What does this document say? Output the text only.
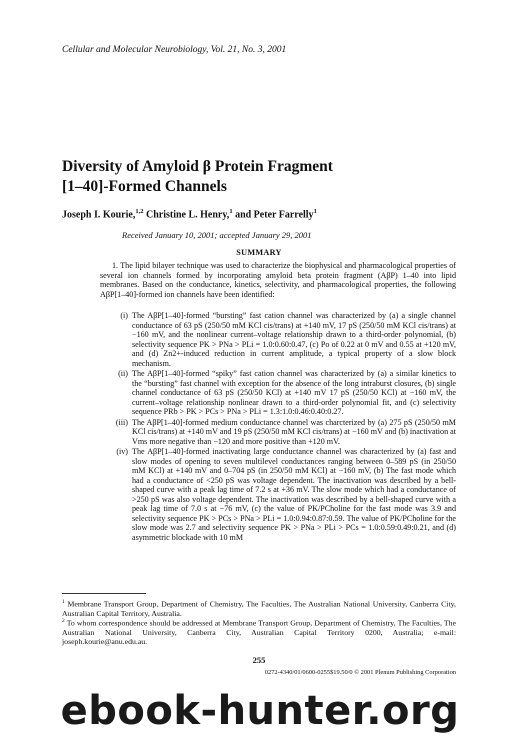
Cellular and Molecular Neurobiology, Vol. 21, No. 3, 2001
Diversity of Amyloid β Protein Fragment
[1–40]-Formed Channels
Joseph I. Kourie,$^{1,2}$ Christine L. Henry,$^1$ and Peter Farrelly$^1$
Received January 10, 2001; accepted January 29, 2001
SUMMARY

1. The lipid bilayer technique was used to characterize the biophysical and pharmacological properties of several ion channels formed by incorporating amyloid beta protein fragment (AβP) 1–40 into lipid membranes. Based on the conductance, kinetics, selectivity, and pharmacological properties, the following AβP[1–40]-formed ion channels have been identified:

(i) The AβP[1–40]-formed “bursting” fast cation channel was characterized by (a) a single channel conductance of 63 pS (250/50 mM KCl cis/trans) at +140 mV, 17 pS (250/50 mM KCl cis/trans) at −160 mV, and the nonlinear current–voltage relationship drawn to a third-order polynomial, (b) selectivity sequence PK > PNa > PLi = 1.0:0.60:0.47, (c) Po of 0.22 at 0 mV and 0.55 at +120 mV, and (d) Zn2+-induced reduction in current amplitude, a typical property of a slow block mechanism.
(ii) The AβP[1–40]-formed “spiky” fast cation channel was characterized by (a) a similar kinetics to the “bursting” fast channel with exception for the absence of the long intraburst closures, (b) single channel conductance of 63 pS (250/50 KCl) at +140 mV 17 pS (250/50 KCl) at −160 mV, the current–voltage relationship nonlinear drawn to a third-order polynomial fit, and (c) selectivity sequence PRb > PK > PCs > PNa > PLi = 1.3:1.0:0.46:0.40:0.27.
(iii) The AβP[1–40]-formed medium conductance channel was charcterized by (a) 275 pS (250/50 mM KCl cis/trans) at +140 mV and 19 pS (250/50 mM KCl cis/trans) at −160 mV and (b) inactivation at Vms more negative than −120 and more positive than +120 mV.
(iv) The AβP[1–40]-formed inactivating large conductance channel was characterized by (a) fast and slow modes of opening to seven multilevel conductances ranging between 0–589 pS (in 250/50 mM KCl) at +140 mV and 0–704 pS (in 250/50 mM KCl) at −160 mV, (b) The fast mode which had a conductance of <250 pS was voltage dependent. The inactivation was described by a bell-shaped curve with a peak lag time of 7.2 s at +36 mV. The slow mode which had a conductance of >250 pS was also voltage dependent. The inactivation was described by a bell-shaped curve with a peak lag time of 7.0 s at −76 mV, (c) the value of PK/PCholine for the fast mode was 3.9 and selectivity sequence PK > PCs > PNa > PLi = 1.0:0.94:0.87:0.59. The value of PK/PCholine for the slow mode was 2.7 and selectivity sequence PK > PNa > PLi > PCs = 1.0:0.59:0.49:0.21, and (d) asymmetric blockade with 10 mM
$^1$ Membrane Transport Group, Department of Chemistry, The Faculties, The Australian National University, Canberra City, Australian Capital Territory, Australia.
$^2$ To whom correspondence should be addressed at Membrane Transport Group, Department of Chemistry, The Faculties, The Australian National University, Canberra City, Australian Capital Territory 0200, Australia; e-mail: joseph.kourie@anu.edu.au.
255
0272-4340/01/0600-0255$19.50/0 © 2001 Plenum Publishing Corporation
ebook-hunter.org
